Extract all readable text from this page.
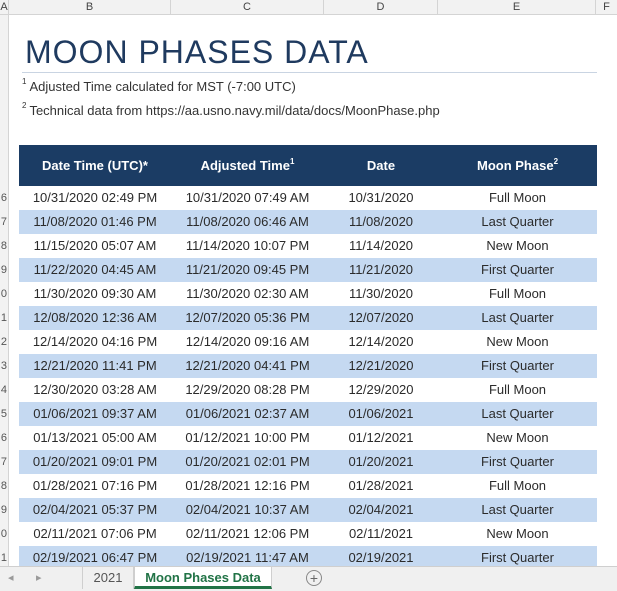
A	B	C	D	E	F
6
7
8
9
0
1
2
3
4
5
6
7
8
9
0
1
MOON PHASES DATA
$^1$ Adjusted Time calculated for MST (-7:00 UTC)
$^2$ Technical data from https://aa.usno.navy.mil/data/docs/MoonPhase.php
Date Time (UTC)*	Adjusted Time$^1$	Date	Moon Phase$^2$
10/31/2020 02:49 PM	10/31/2020 07:49 AM	10/31/2020	Full Moon
11/08/2020 01:46 PM	11/08/2020 06:46 AM	11/08/2020	Last Quarter
11/15/2020 05:07 AM	11/14/2020 10:07 PM	11/14/2020	New Moon
11/22/2020 04:45 AM	11/21/2020 09:45 PM	11/21/2020	First Quarter
11/30/2020 09:30 AM	11/30/2020 02:30 AM	11/30/2020	Full Moon
12/08/2020 12:36 AM	12/07/2020 05:36 PM	12/07/2020	Last Quarter
12/14/2020 04:16 PM	12/14/2020 09:16 AM	12/14/2020	New Moon
12/21/2020 11:41 PM	12/21/2020 04:41 PM	12/21/2020	First Quarter
12/30/2020 03:28 AM	12/29/2020 08:28 PM	12/29/2020	Full Moon
01/06/2021 09:37 AM	01/06/2021 02:37 AM	01/06/2021	Last Quarter
01/13/2021 05:00 AM	01/12/2021 10:00 PM	01/12/2021	New Moon
01/20/2021 09:01 PM	01/20/2021 02:01 PM	01/20/2021	First Quarter
01/28/2021 07:16 PM	01/28/2021 12:16 PM	01/28/2021	Full Moon
02/04/2021 05:37 PM	02/04/2021 10:37 AM	02/04/2021	Last Quarter
02/11/2021 07:06 PM	02/11/2021 12:06 PM	02/11/2021	New Moon
02/19/2021 06:47 PM	02/19/2021 11:47 AM	02/19/2021	First Quarter
◂ ▸	2021	Moon Phases Data	+
